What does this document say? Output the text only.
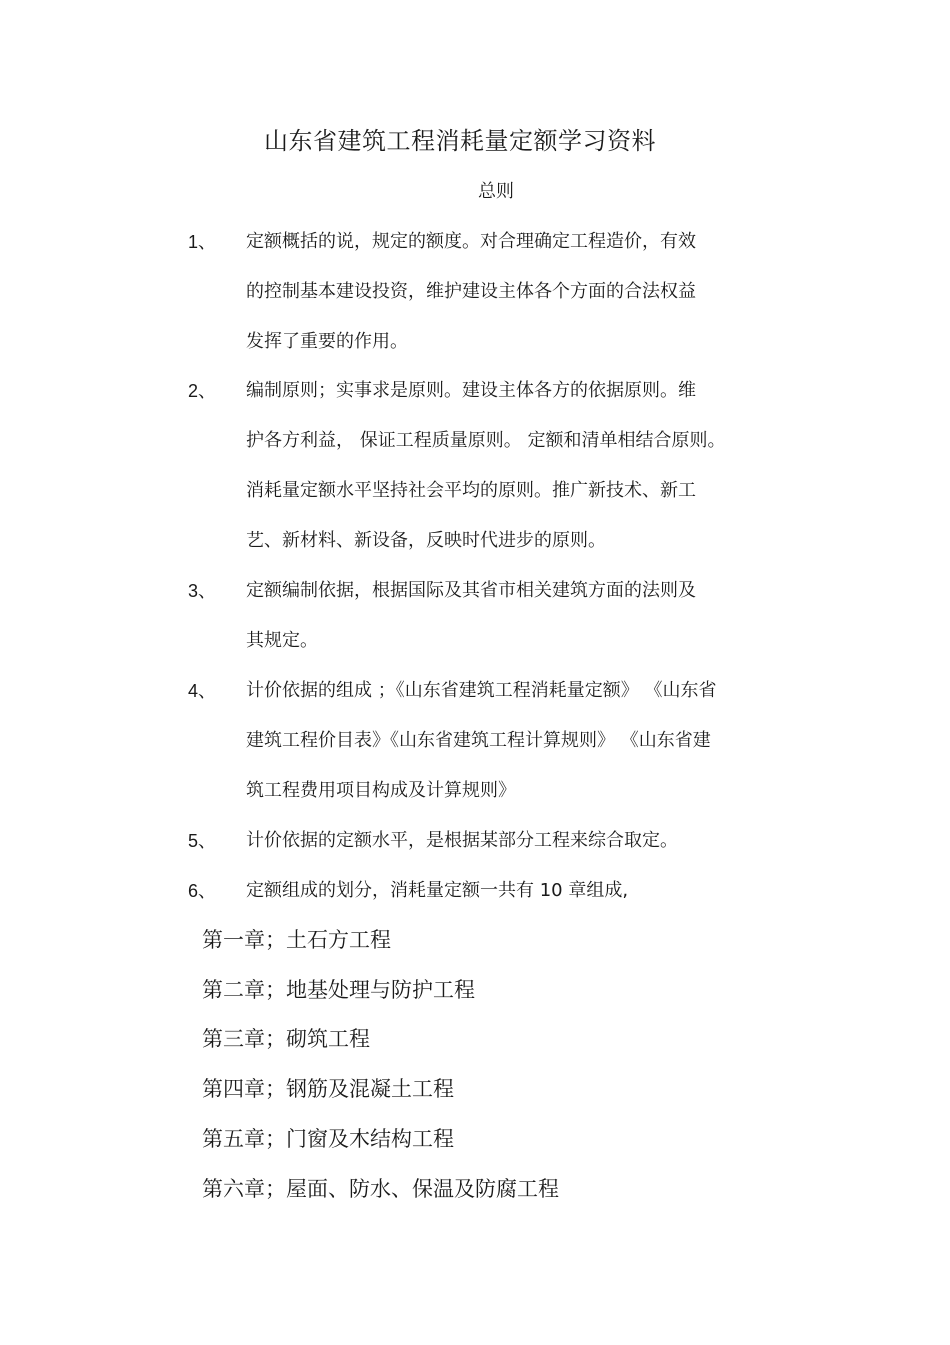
山东省建筑工程消耗量定额学习资料
总则
1、 定额概括的说，规定的额度。对合理确定工程造价，有效
的控制基本建设投资，维护建设主体各个方面的合法权益
发挥了重要的作用。
2、 编制原则；实事求是原则。建设主体各方的依据原则。维
护各方利益， 保证工程质量原则。 定额和清单相结合原则。
消耗量定额水平坚持社会平均的原则。推广新技术、新工
艺、新材料、新设备，反映时代进步的原则。
3、 定额编制依据，根据国际及其省市相关建筑方面的法则及
其规定。
4、 计价依据的组成 ；《山东省建筑工程消耗量定额》 《山东省
建筑工程价目表》《山东省建筑工程计算规则》 《山东省建
筑工程费用项目构成及计算规则》
5、 计价依据的定额水平，是根据某部分工程来综合取定。
6、 定额组成的划分，消耗量定额一共有 10 章组成,
第一章；土石方工程
第二章；地基处理与防护工程
第三章；砌筑工程
第四章；钢筋及混凝土工程
第五章；门窗及木结构工程
第六章；屋面、防水、保温及防腐工程
